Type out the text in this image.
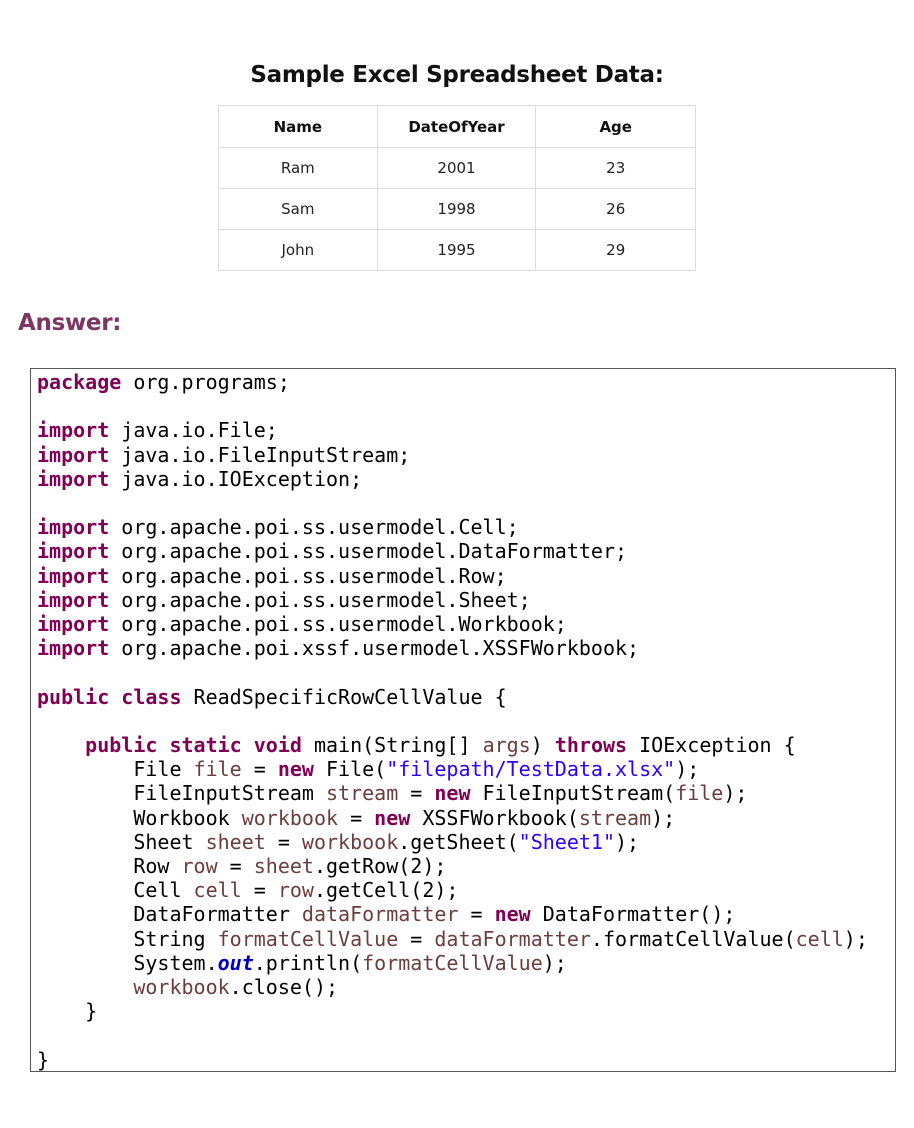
Sample Excel Spreadsheet Data:
Name	DateOfYear	Age
Ram	2001	23
Sam	1998	26
John	1995	29
Answer:
package org.programs;

import java.io.File;
import java.io.FileInputStream;
import java.io.IOException;

import org.apache.poi.ss.usermodel.Cell;
import org.apache.poi.ss.usermodel.DataFormatter;
import org.apache.poi.ss.usermodel.Row;
import org.apache.poi.ss.usermodel.Sheet;
import org.apache.poi.ss.usermodel.Workbook;
import org.apache.poi.xssf.usermodel.XSSFWorkbook;

public class ReadSpecificRowCellValue {

public static void main(String[] args) throws IOException {
File file = new File("filepath/TestData.xlsx");
FileInputStream stream = new FileInputStream(file);
Workbook workbook = new XSSFWorkbook(stream);
Sheet sheet = workbook.getSheet("Sheet1");
Row row = sheet.getRow(2);
Cell cell = row.getCell(2);
DataFormatter dataFormatter = new DataFormatter();
String formatCellValue = dataFormatter.formatCellValue(cell);
System.out.println(formatCellValue);
workbook.close();
}

}
